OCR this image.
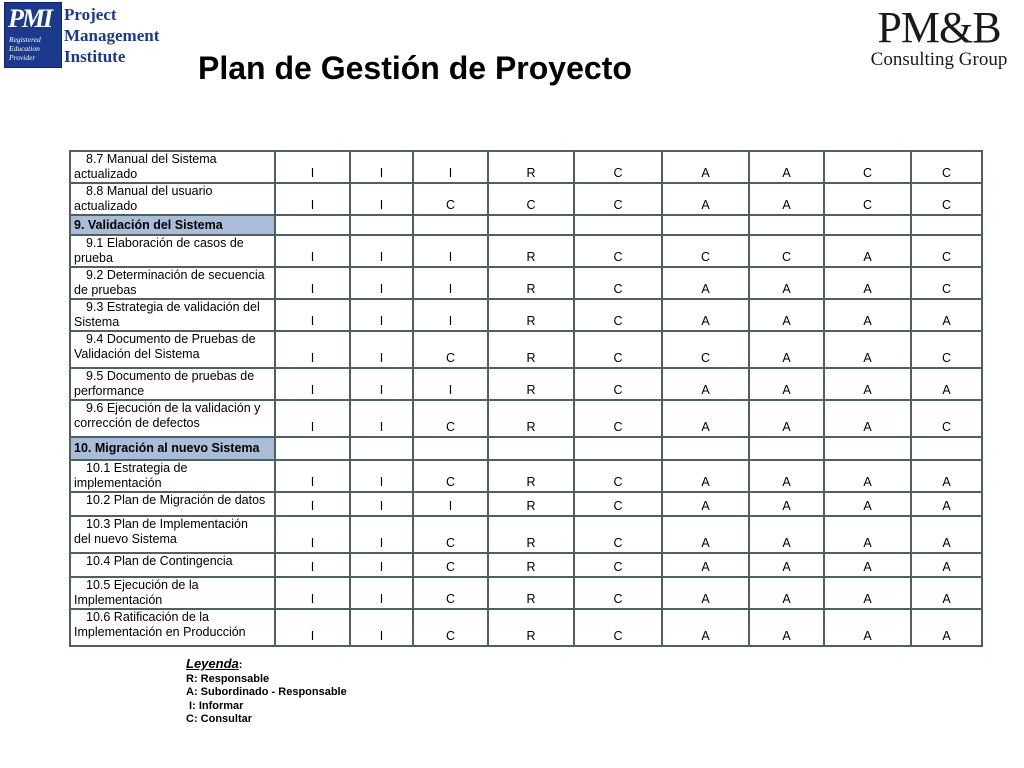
PMI
Registered
Education
Provider
Project
Management
Institute
PM&B
Consulting Group
Plan de Gestión de Proyecto
8.7 Manual del Sistema
actualizado	I	I	I	R	C	A	A	C	C

8.8 Manual del usuario
actualizado	I	I	C	C	C	A	A	C	C
9. Validación del Sistema									

9.1 Elaboración de casos de
prueba	I	I	I	R	C	C	C	A	C

9.2 Determinación de secuencia
de pruebas	I	I	I	R	C	A	A	A	C

9.3 Estrategia de validación del
Sistema	I	I	I	R	C	A	A	A	A

9.4 Documento de Pruebas de
Validación del Sistema	I	I	C	R	C	C	A	A	C

9.5 Documento de pruebas de
performance	I	I	I	R	C	A	A	A	A

9.6 Ejecución de la validación y
corrección de defectos	I	I	C	R	C	A	A	A	C
10. Migración al nuevo Sistema									

10.1 Estrategia de
implementación	I	I	C	R	C	A	A	A	A

10.2 Plan de Migración de datos	I	I	I	R	C	A	A	A	A

10.3 Plan de Implementación
del nuevo Sistema	I	I	C	R	C	A	A	A	A

10.4 Plan de Contingencia	I	I	C	R	C	A	A	A	A

10.5 Ejecución de la
Implementación	I	I	C	R	C	A	A	A	A

10.6 Ratificación de la
Implementación en Producción	I	I	C	R	C	A	A	A	A
Leyenda:
R: Responsable
A: Subordinado - Responsable
I: Informar
C: Consultar
